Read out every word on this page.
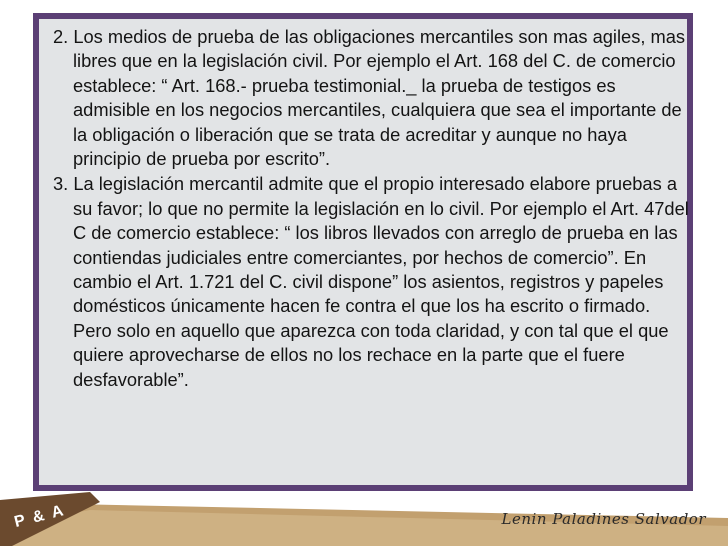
2. Los medios de prueba de las obligaciones mercantiles son mas agiles, mas libres que en la legislación civil. Por ejemplo el Art. 168 del C. de comercio establece: “ Art. 168.- prueba testimonial._ la prueba de testigos es admisible en los negocios mercantiles, cualquiera que sea el importante de la obligación o liberación que se trata de acreditar y aunque no haya principio de prueba por escrito”.

3. La legislación mercantil admite que el propio interesado elabore pruebas a su favor; lo que no permite la legislación en lo civil. Por ejemplo el Art. 47del C de comercio establece: “ los libros llevados con arreglo de prueba en las contiendas judiciales entre comerciantes, por hechos de comercio”. En cambio el Art. 1.721 del C. civil dispone” los asientos, registros y papeles domésticos únicamente hacen fe contra el que los ha escrito o firmado. Pero solo en aquello que aparezca con toda claridad, y con tal que el que quiere aprovecharse de ellos no los rechace en la parte que el fuere desfavorable”.

P & A	Lenin Paladines Salvador
